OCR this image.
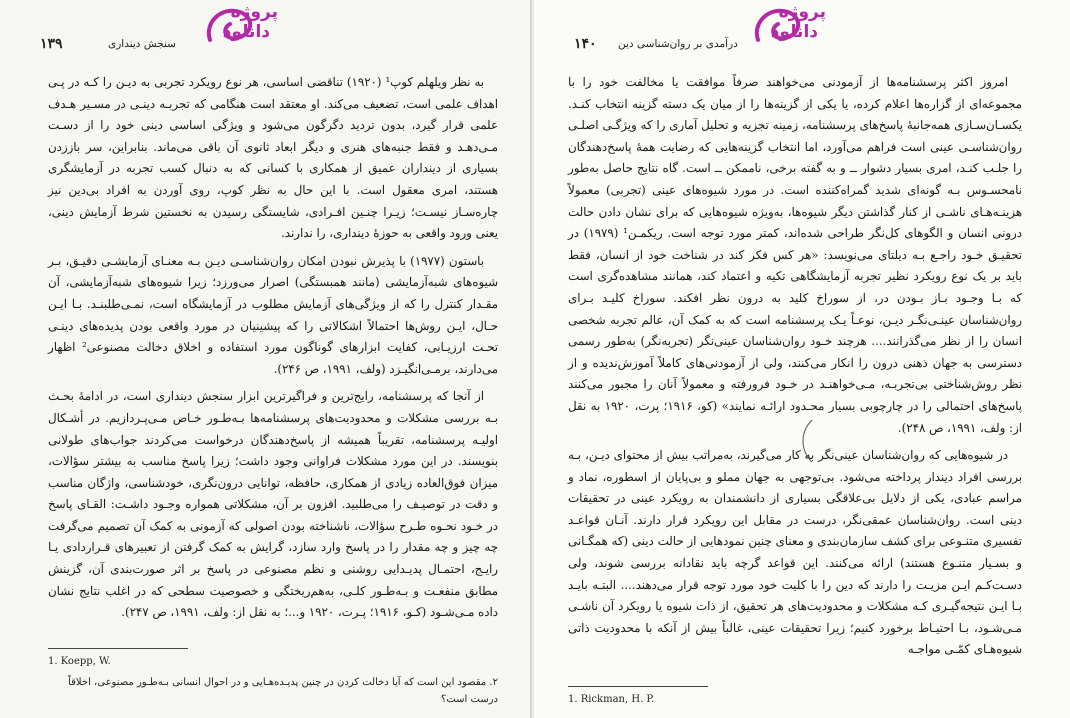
۱۳۹	سنجش دینداری
پروژه
دانلود

به نظر ویلهلم کوپ¹ (۱۹۲۰) تناقضی اساسی، هر نوع رویکرد تجربی به دیـن را کـه در پـی اهداف علمی است، تضعیف می‌کند. او معتقد است هنگامی که تجربـه دینـی در مسـیر هـدف علمی قرار گیرد، بدون تردید دگرگون می‌شود و ویژگی اساسی دینی خود را از دسـت مـی‌دهـد و فقط جنبه‌های هنری و دیگر ابعاد ثانوی آن باقی می‌ماند. بنابراین، سر باززدن بسیاری از دینداران عمیق از همکاری با کسانی که به دنبال کسب تجربه در آزمایشگری هستند، امری معقول است. با این حال به نظر کوپ، روی آوردن به افراد بی‌دین نیز چاره‌سـاز نیسـت؛ زیـرا چنـین افـرادی، شایستگی رسیدن به نخستین شرط آزمایش دینی، یعنی ورود واقعی به حوزهٔ دینداری، را ندارند.

باستون (۱۹۷۷) با پذیرش نبودن امکان روان‌شناسـی دیـن بـه معنـای آزمایشـی دقیـق، بـر شیوه‌های شبه‌آزمایشی (مانند همبستگی) اصرار می‌ورزد؛ زیرا شیوه‌های شبه‌آزمایشی، آن مقـدار کنترل را که از ویژگی‌های آزمایش مطلوب در آزمایشگاه است، نمـی‌طلبنـد. بـا ایـن حـال، ایـن روش‌ها احتمالاً اشکالاتی را که پیشینیان در مورد واقعی بودن پدیده‌های دینـی تحـت ارزیـابی، کفایت ابزارهای گوناگون مورد استفاده و اخلاق دخالت مصنوعی² اظهار می‌دارند، برمـی‌انگیـزد (ولف، ۱۹۹۱، ص ۲۴۶).

از آنجا که پرسشنامه، رایج‌ترین و فراگیرترین ابزار سنجش دینداری است، در ادامهٔ بحـث بـه بررسی مشکلات و محدودیت‌های پرسشنامه‌ها بـه‌طـور خـاص مـی‌پـردازیم. در أشـكال اوليـه پرسشنامه، تقریباً همیشه از پاسخ‌دهندگان درخواست می‌کردند جواب‌های طولانی بنویسند. در این مورد مشکلات فراوانی وجود داشت؛ زیرا پاسخ مناسب به بیشتر سؤالات، میزان فوق‌العاده زیادی از همکاری، حافظه، توانایی درون‌نگری، خودشناسی، واژگان مناسب و دقت در توصیـف را می‌طلبید. افزون بر آن، مشکلاتی همواره وجـود داشـت: القـای پاسخ در خـود نحـوه طـرح سؤالات، ناشناخته بودن اصولی که آزمونی به کمک آن تصمیم می‌گرفت چه چیز و چه مقدار را در پاسخ وارد سازد، گرایش به کمک گرفتن از تعبیرهای قـراردادی یـا رایـج، احتمـال پدیـدایی روشنی و نظم مصنوعی در پاسخ بر اثر صورت‌بندی آن، گزینش مطابق منفعـت و بـه‌طـور کلـی، به‌هم‌ریختگی و خصوصیت سطحی که در اغلب نتایج نشان داده مـی‌شـود (کـو، ۱۹۱۶؛ پـرت، ۱۹۲۰ و...؛ به نقل از: ولف، ۱۹۹۱، ص ۲۴۷).

1. Koepp, W.
۲. مقصود این است که آیا دخالت کردن در چنین پدیـده‌هـایی و در احوال انسانی بـه‌طـور مصنوعی، اخلاقاً درست است؟
۱۴۰ درآمدی بر روان‌شناسی دین
پروژه
دانلود

امروز اکثر پرسشنامه‌ها از آزمودنی می‌خواهند صرفاً موافقت یا مخالفت خود را با مجموعه‌ای از گزاره‌ها اعلام کرده، یا یکی از گزینه‌ها را از میان یک دسته گزینه انتخاب کنـد. یکسـان‌سـازی همه‌جانبهٔ پاسخ‌های پرسشنامه، زمینه تجزیه و تحلیل آماری را که ویژگـی اصلـی روان‌شناسـی عینی است فراهم می‌آورد، اما انتخاب گزینه‌هایی که رضایت همهٔ پاسخ‌دهندگان را جلـب کنـد، امری بسیار دشوار ــ و به گفته برخی، ناممکن ــ است. گاه نتایج حاصل به‌طور نامحسـوس بـه گونه‌ای شدید گمراه‌کننده است. در مورد شیوه‌های عینی (تجربی) معمولاً هزینـه‌هـای ناشـی از کنار گذاشتن دیگر شیوه‌ها، به‌ویژه شیوه‌هایی که برای نشان دادن حالت درونی انسان و الگوهای کل‌نگر طراحی شده‌اند، کمتر مورد توجه است. ریکمـن¹ (۱۹۷۹) در تحقیـق خـود راجـع بـه دیلتای می‌نویسد: «هر کس فکر کند در شناخت خود از انسان، فقط باید بر یک نوع رویکرد نظیر تجربه آزمایشگاهی تکیه و اعتماد کند، همانند مشاهده‌گری است که بـا وجـود بـاز بـودن در، از سوراخ کلید به درون نظر افکند. سوراخ کلیـد بـرای روان‌شناسان عینـی‌نگـر دیـن، نوعـاً یـک پرسشنامه است که به کمک آن، عالم تجربه شخصی انسان را از نظر می‌گذرانند.... هرچند خـود روان‌شناسان عینی‌نگر (تجربه‌نگر) به‌طور رسمی دسترسی به جهان ذهنی درون را انکار می‌کنند، ولی از آزمودنی‌های کاملاً آموزش‌ندیده و از نظر روش‌شناختی بی‌تجربـه، مـی‌خواهنـد در خـود فرورفته و معمولاً آنان را مجبور می‌کنند پاسخ‌های احتمالی را در چارچوبی بسیار محـدود ارائـه نمایند» (کو، ۱۹۱۶؛ پرت، ۱۹۲۰ به نقل از: ولف، ۱۹۹۱، ص ۲۴۸).

در شیوه‌هایی که روان‌شناسان عینی‌نگر به کار می‌گیرند، به‌مراتب بیش از محتوای دیـن، بـه بررسی افراد دیندار پرداخته می‌شود. بی‌توجهی به جهان مملو و بی‌پایان از اسطوره، نماد و مراسم عبادی، یکی از دلایل بی‌علاقگی بسیاری از دانشمندان به رویکرد عینی در تحقیقات دینی است. روان‌شناسان عمقی‌نگر، درست در مقابل این رویکرد قرار دارند. آنـان قواعـد تفسیری متنـوعی برای کشف سازمان‌بندی و معنای چنین نمودهایی از حالت دینی (که همگـانی و بسـیار متنـوع هستند) ارائه می‌کنند. این قواعد گرچه باید نقادانه بررسی شوند، ولی دسـت‌کـم ایـن مزیـت را دارند که دین را با کلیت خود مورد توجه قرار می‌دهند.... البتـه بایـد بـا ایـن نتیجه‌گیـری کـه مشکلات و محدودیت‌های هر تحقیق، از ذات شیوه یا رویکرد آن ناشـی مـی‌شـود، بـا احتیـاط برخورد کنیم؛ زیرا تحقیقات عینی، غالباً بیش از آنکه با محدودیت ذاتی شیوه‌هـای کمّـی مواجـه

1. Rickman, H. P.
